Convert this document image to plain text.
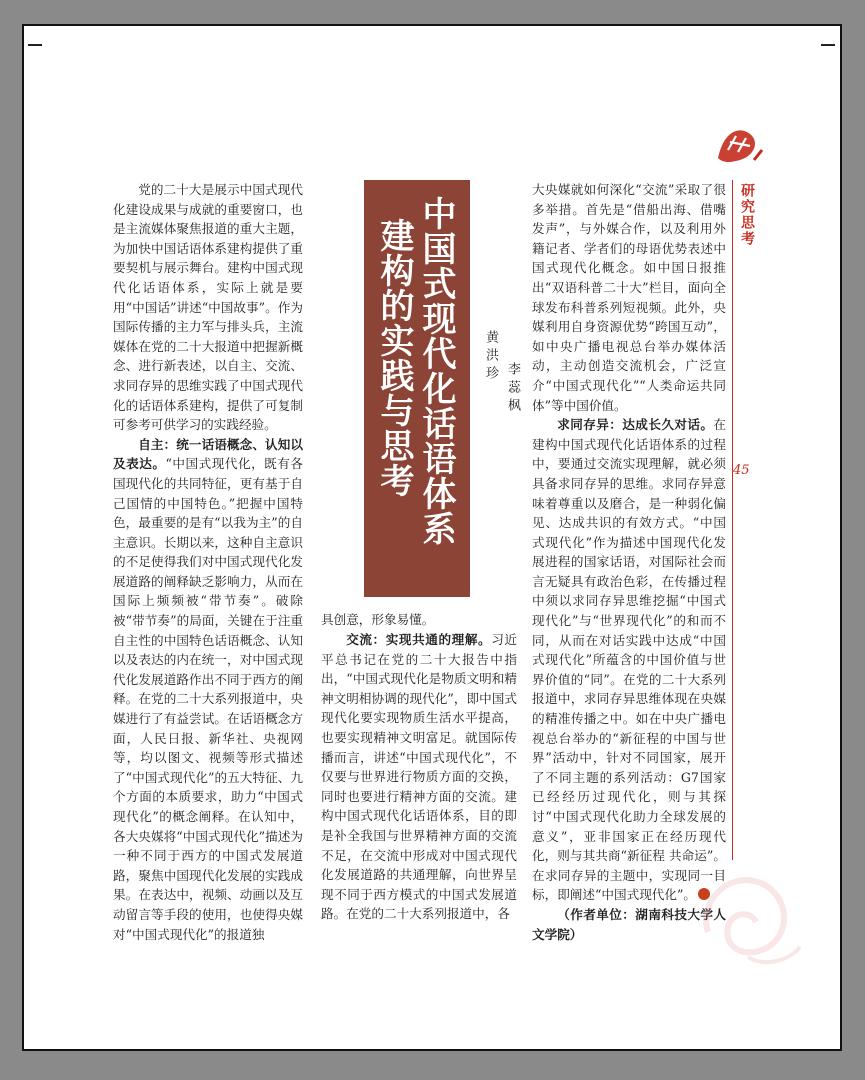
研究思考
45

党的二十大是展示中国式现代化建设成果与成就的重要窗口，也是主流媒体聚焦报道的重大主题，为加快中国话语体系建构提供了重要契机与展示舞台。建构中国式现代化话语体系，实际上就是要用“中国话”讲述“中国故事”。作为国际传播的主力军与排头兵，主流媒体在党的二十大报道中把握新概念、进行新表述，以自主、交流、求同存异的思维实践了中国式现代化的话语体系建构，提供了可复制可参考可供学习的实践经验。

自主：统一话语概念、认知以及表达。“中国式现代化，既有各国现代化的共同特征，更有基于自己国情的中国特色。”把握中国特色，最重要的是有“以我为主”的自主意识。长期以来，这种自主意识的不足使得我们对中国式现代化发展道路的阐释缺乏影响力，从而在国际上频频被“带节奏”。破除被“带节奏”的局面，关键在于注重自主性的中国特色话语概念、认知以及表达的内在统一，对中国式现代化发展道路作出不同于西方的阐释。在党的二十大系列报道中，央媒进行了有益尝试。在话语概念方面，人民日报、新华社、央视网等，均以图文、视频等形式描述了“中国式现代化”的五大特征、九个方面的本质要求，助力“中国式现代化”的概念阐释。在认知中，各大央媒将“中国式现代化”描述为一种不同于西方的中国式发展道路，聚焦中国现代化发展的实践成果。在表达中，视频、动画以及互动留言等手段的使用，也使得央媒对“中国式现代化”的报道独

中国式现代化话语体系
建构的实践与思考	黄洪珍
李蕊枫

具创意，形象易懂。

交流：实现共通的理解。习近平总书记在党的二十大报告中指出，“中国式现代化是物质文明和精神文明相协调的现代化”，即中国式现代化要实现物质生活水平提高，也要实现精神文明富足。就国际传播而言，讲述“中国式现代化”，不仅要与世界进行物质方面的交换，同时也要进行精神方面的交流。建构中国式现代化话语体系，目的即是补全我国与世界精神方面的交流不足，在交流中形成对中国式现代化发展道路的共通理解，向世界呈现不同于西方模式的中国式发展道路。在党的二十大系列报道中，各

大央媒就如何深化“交流”采取了很多举措。首先是“借船出海、借嘴发声”，与外媒合作，以及利用外籍记者、学者们的母语优势表述中国式现代化概念。如中国日报推出“双语科普二十大”栏目，面向全球发布科普系列短视频。此外，央媒利用自身资源优势“跨国互动”，如中央广播电视总台举办媒体活动，主动创造交流机会，广泛宣介“中国式现代化”“人类命运共同体”等中国价值。

求同存异：达成长久对话。在建构中国式现代化话语体系的过程中，要通过交流实现理解，就必须具备求同存异的思维。求同存异意味着尊重以及磨合，是一种弱化偏见、达成共识的有效方式。“中国式现代化”作为描述中国现代化发展进程的国家话语，对国际社会而言无疑具有政治色彩，在传播过程中须以求同存异思维挖掘“中国式现代化”与“世界现代化”的和而不同，从而在对话实践中达成“中国式现代化”所蕴含的中国价值与世界价值的“同”。在党的二十大系列报道中，求同存异思维体现在央媒的精准传播之中。如在中央广播电视总台举办的“新征程的中国与世界”活动中，针对不同国家，展开了不同主题的系列活动：G7国家已经经历过现代化，则与其探讨“中国式现代化助力全球发展的意义”，亚非国家正在经历现代化，则与其共商“新征程 共命运”。在求同存异的主题中，实现同一目标，即阐述“中国式现代化”。

（作者单位：湖南科技大学人文学院）
